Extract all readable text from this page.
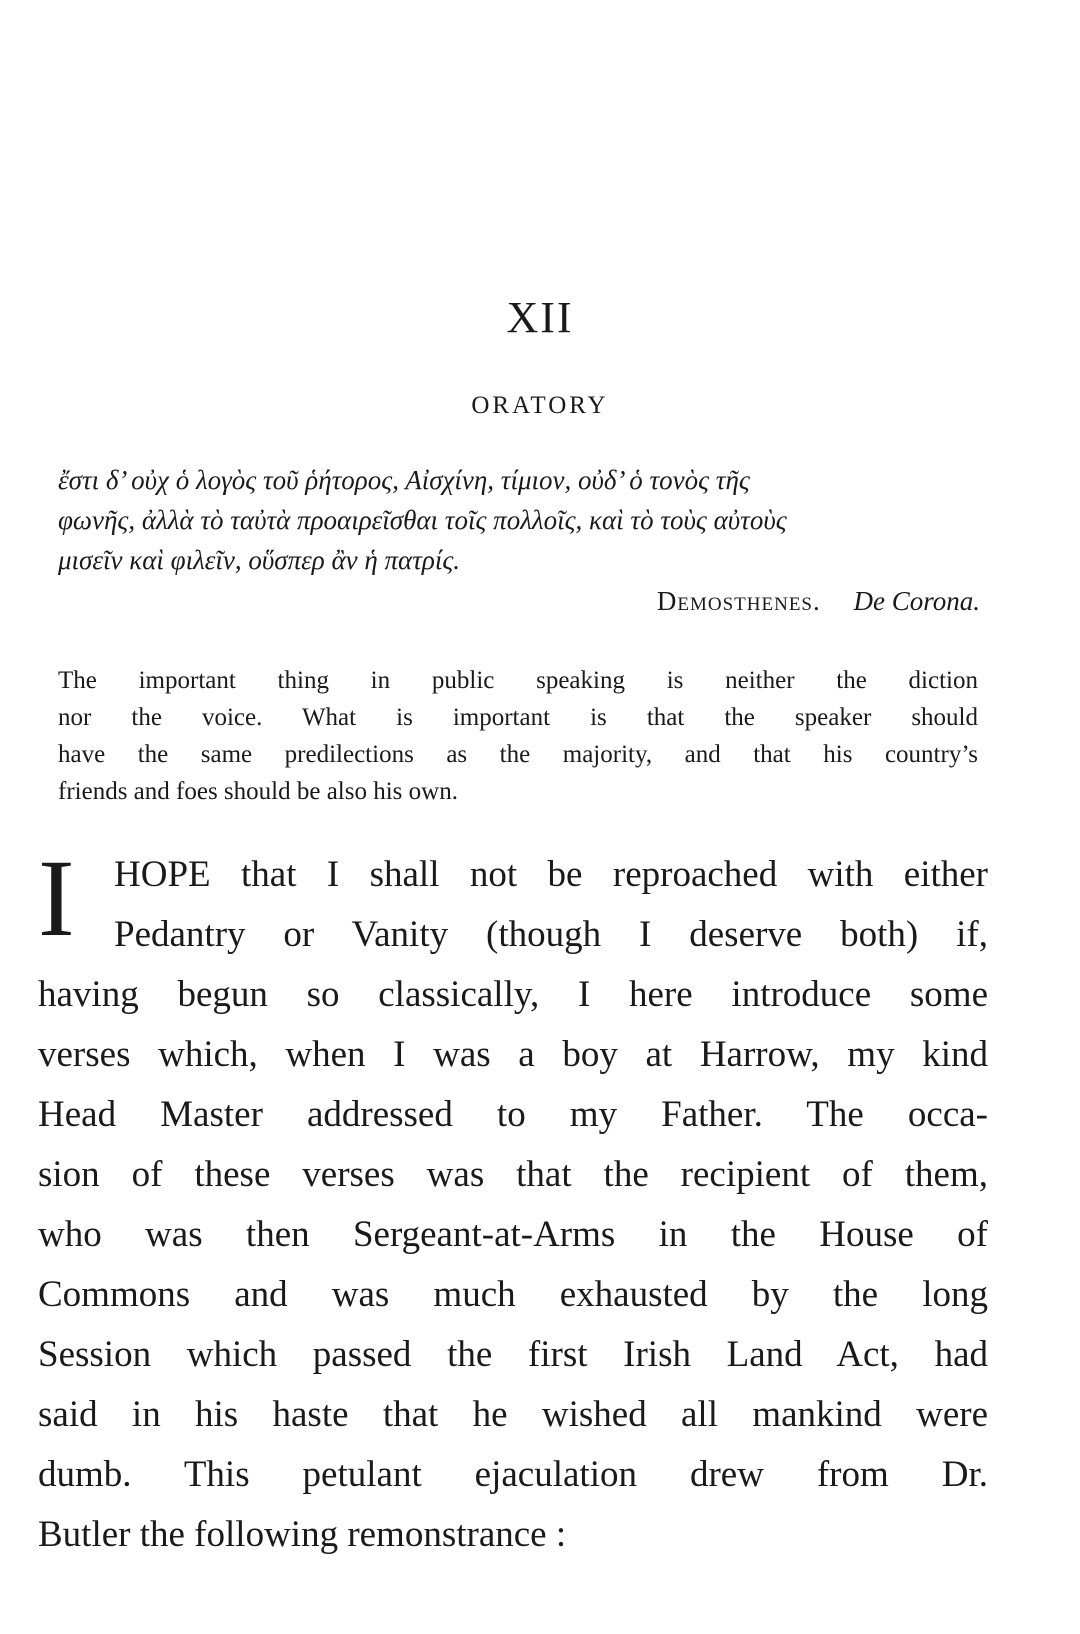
XII
ORATORY
ἔστι δ’ οὐχ ὁ λογὸς τοῦ ῥήτορος, Αἰσχίνη, τίμιον, οὐδ’ ὁ τονὸς τῆς
φωνῆς, ἀλλὰ τὸ ταὐτὰ προαιρεῖσθαι τοῖς πολλοῖς, καὶ τὸ τοὺς αὐτοὺς
μισεῖν καὶ φιλεῖν, οὕσπερ ἂν ἡ πατρίς.
Demosthenes. De Corona.
The important thing in public speaking is neither the diction
nor the voice. What is important is that the speaker should
have the same predilections as the majority, and that his country’s
friends and foes should be also his own.
I	HOPE that I shall not be reproached with either
Pedantry or Vanity (though I deserve both) if,
having begun so classically, I here introduce some
verses which, when I was a boy at Harrow, my kind
Head Master addressed to my Father. The occa-
sion of these verses was that the recipient of them,
who was then Sergeant-at-Arms in the House of
Commons and was much exhausted by the long
Session which passed the first Irish Land Act, had
said in his haste that he wished all mankind were
dumb. This petulant ejaculation drew from Dr.
Butler the following remonstrance :
